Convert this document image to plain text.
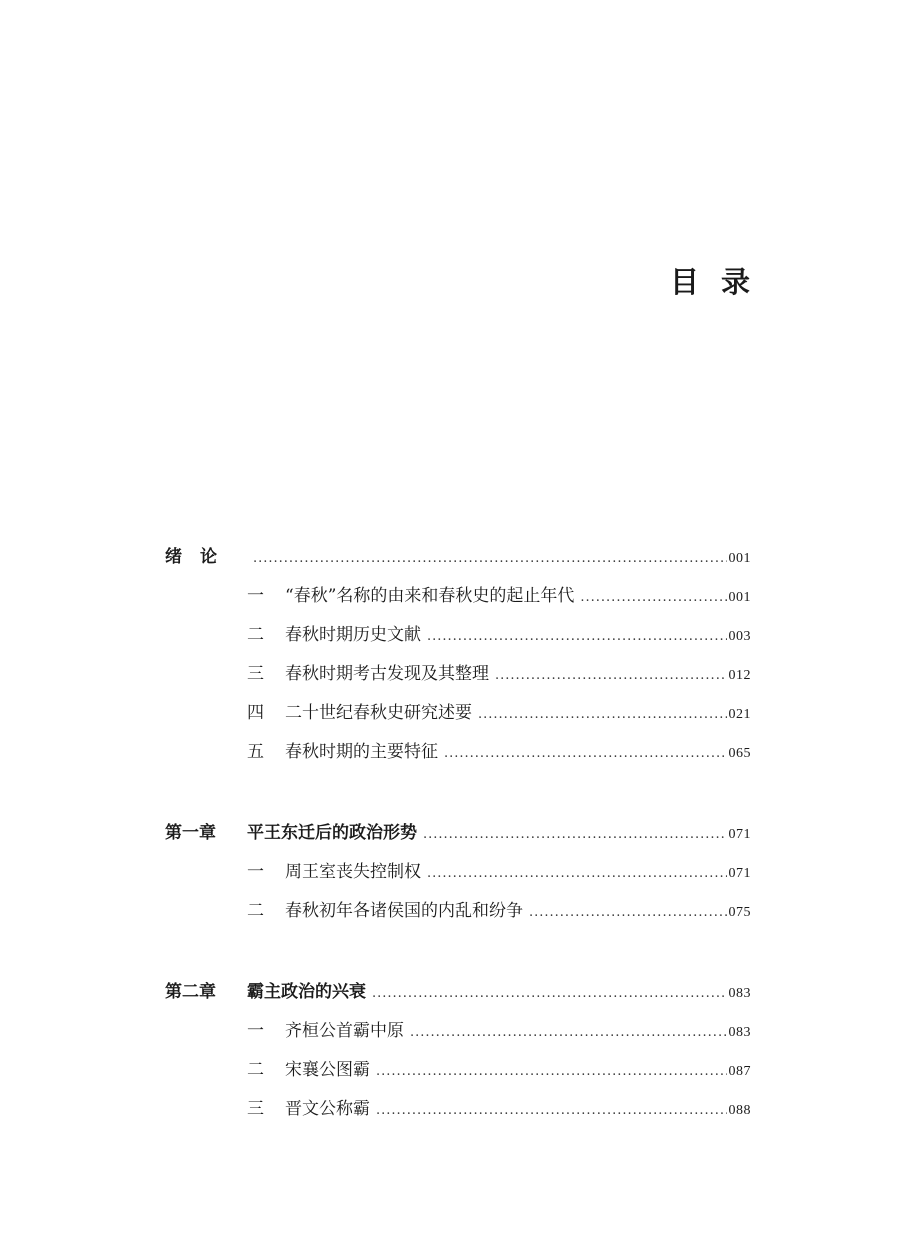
目录
绪论 .....	001
一	“春秋”名称的由来和春秋史的起止年代 .....	001
二	春秋时期历史文献 .....	003
三	春秋时期考古发现及其整理 .....	012
四	二十世纪春秋史研究述要 .....	021
五	春秋时期的主要特征 .....	065
第一章	平王东迁后的政治形势 .....	071
一	周王室丧失控制权 .....	071
二	春秋初年各诸侯国的内乱和纷争 .....	075
第二章	霸主政治的兴衰 .....	083
一	齐桓公首霸中原 .....	083
二	宋襄公图霸 .....	087
三	晋文公称霸 .....	088
